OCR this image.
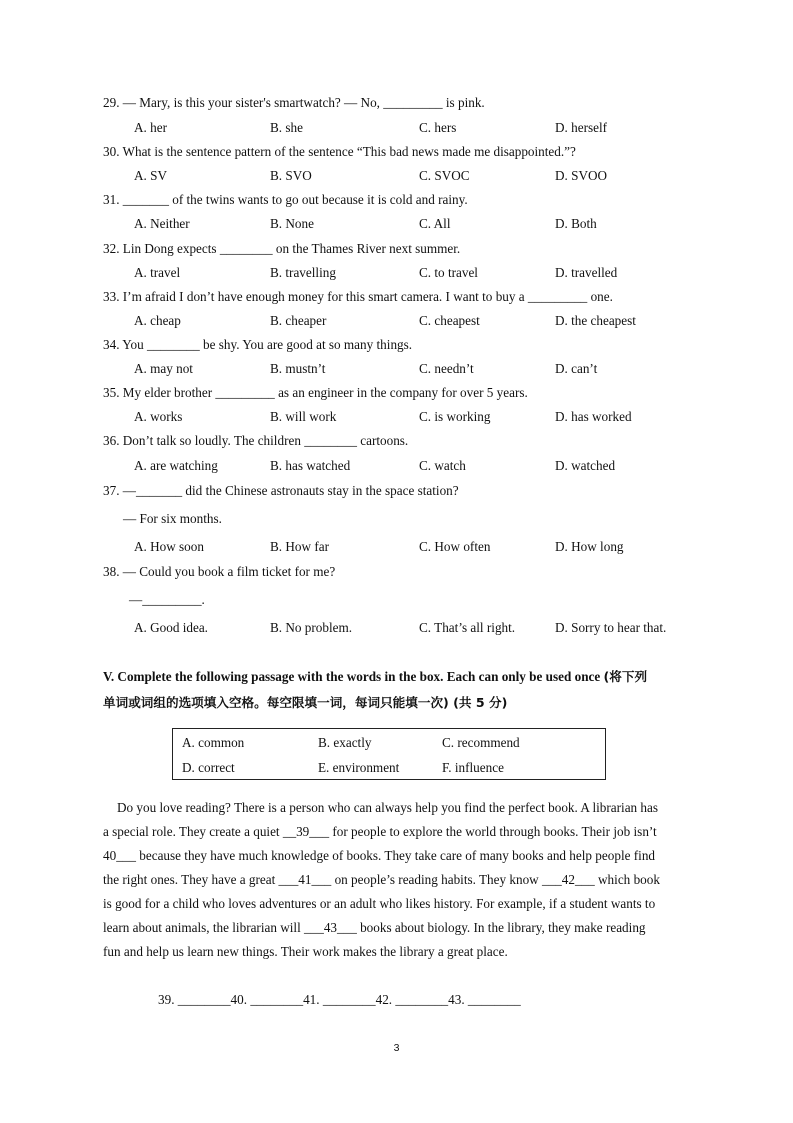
29. — Mary, is this your sister's smartwatch? — No, _________ is pink.
A. her	B. she	C. hers	D. herself
30. What is the sentence pattern of the sentence “This bad news made me disappointed.”?
A. SV	B. SVO	C. SVOC	D. SVOO
31. _______ of the twins wants to go out because it is cold and rainy.
A. Neither	B. None	C. All	D. Both
32. Lin Dong expects ________ on the Thames River next summer.
A. travel	B. travelling	C. to travel	D. travelled
33. I’m afraid I don’t have enough money for this smart camera. I want to buy a _________ one.
A. cheap	B. cheaper	C. cheapest	D. the cheapest
34. You ________ be shy. You are good at so many things.
A. may not	B. mustn’t	C. needn’t	D. can’t
35. My elder brother _________ as an engineer in the company for over 5 years.
A. works	B. will work	C. is working	D. has worked
36. Don’t talk so loudly. The children ________ cartoons.
A. are watching	B. has watched	C. watch	D. watched
37. —_______ did the Chinese astronauts stay in the space station?
— For six months.
A. How soon	B. How far	C. How often	D. How long
38. — Could you book a film ticket for me?
—_________.
A. Good idea.	B. No problem.	C. That’s all right.	D. Sorry to hear that.
V. Complete the following passage with the words in the box. Each can only be used once (将下列
单词或词组的选项填入空格。每空限填一词，每词只能填一次) (共 5 分)
A. common	B. exactly	C. recommend
D. correct	E. environment	F. influence
Do you love reading? There is a person who can always help you find the perfect book. A librarian has
a special role. They create a quiet __39___ for people to explore the world through books. Their job isn’t
40___ because they have much knowledge of books. They take care of many books and help people find
the right ones. They have a great ___41___ on people’s reading habits. They know ___42___ which book
is good for a child who loves adventures or an adult who likes history. For example, if a student wants to
learn about animals, the librarian will ___43___ books about biology. In the library, they make reading
fun and help us learn new things. Their work makes the library a great place.
39. ________40. ________41. ________42. ________43. ________
3
